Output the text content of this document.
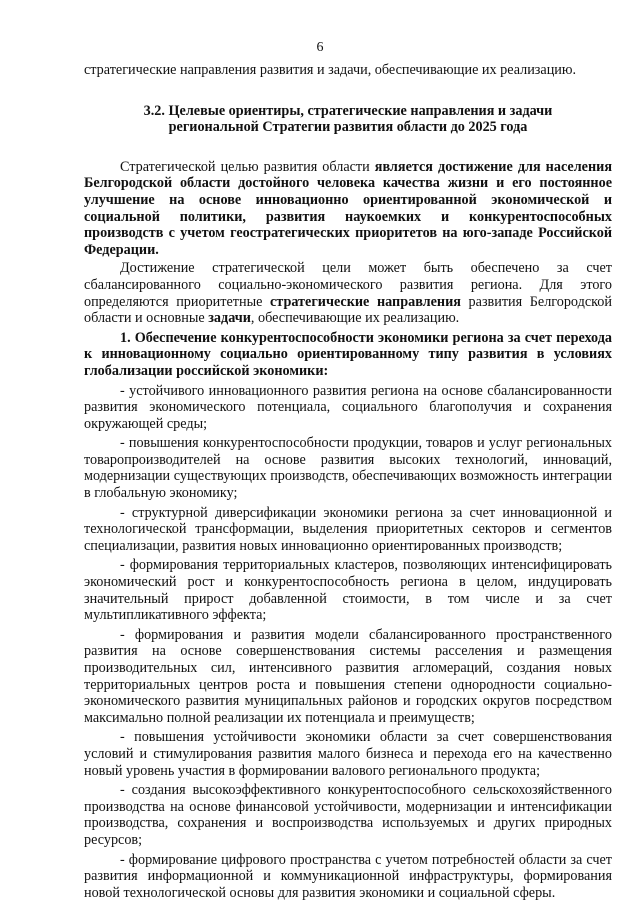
6

стратегические направления развития и задачи, обеспечивающие их реализацию.

3.2. Целевые ориентиры, стратегические направления и задачи
региональной Стратегии развития области до 2025 года

Стратегической целью развития области является достижение для населения Белгородской области достойного человека качества жизни и его постоянное улучшение на основе инновационно ориентированной экономической и социальной политики, развития наукоемких и конкурентоспособных производств с учетом геостратегических приоритетов на юго-западе Российской Федерации.

Достижение стратегической цели может быть обеспечено за счет сбалансированного социально-экономического развития региона. Для этого определяются приоритетные стратегические направления развития Белгородской области и основные задачи, обеспечивающие их реализацию.

1. Обеспечение конкурентоспособности экономики региона за счет перехода к инновационному социально ориентированному типу развития в условиях глобализации российской экономики:

- устойчивого инновационного развития региона на основе сбалансированности развития экономического потенциала, социального благополучия и сохранения окружающей среды;

- повышения конкурентоспособности продукции, товаров и услуг региональных товаропроизводителей на основе развития высоких технологий, инноваций, модернизации существующих производств, обеспечивающих возможность интеграции в глобальную экономику;

- структурной диверсификации экономики региона за счет инновационной и технологической трансформации, выделения приоритетных секторов и сегментов специализации, развития новых инновационно ориентированных производств;

- формирования территориальных кластеров, позволяющих интенсифицировать экономический рост и конкурентоспособность региона в целом, индуцировать значительный прирост добавленной стоимости, в том числе и за счет мультипликативного эффекта;

- формирования и развития модели сбалансированного пространственного развития на основе совершенствования системы расселения и размещения производительных сил, интенсивного развития агломераций, создания новых территориальных центров роста и повышения степени однородности социально-экономического развития муниципальных районов и городских округов посредством максимально полной реализации их потенциала и преимуществ;

- повышения устойчивости экономики области за счет совершенствования условий и стимулирования развития малого бизнеса и перехода его на качественно новый уровень участия в формировании валового регионального продукта;

- создания высокоэффективного конкурентоспособного сельскохозяйственного производства на основе финансовой устойчивости, модернизации и интенсификации производства, сохранения и воспроизводства используемых и других природных ресурсов;

- формирование цифрового пространства с учетом потребностей области за счет развития информационной и коммуникационной инфраструктуры, формирования новой технологической основы для развития экономики и социальной сферы.
